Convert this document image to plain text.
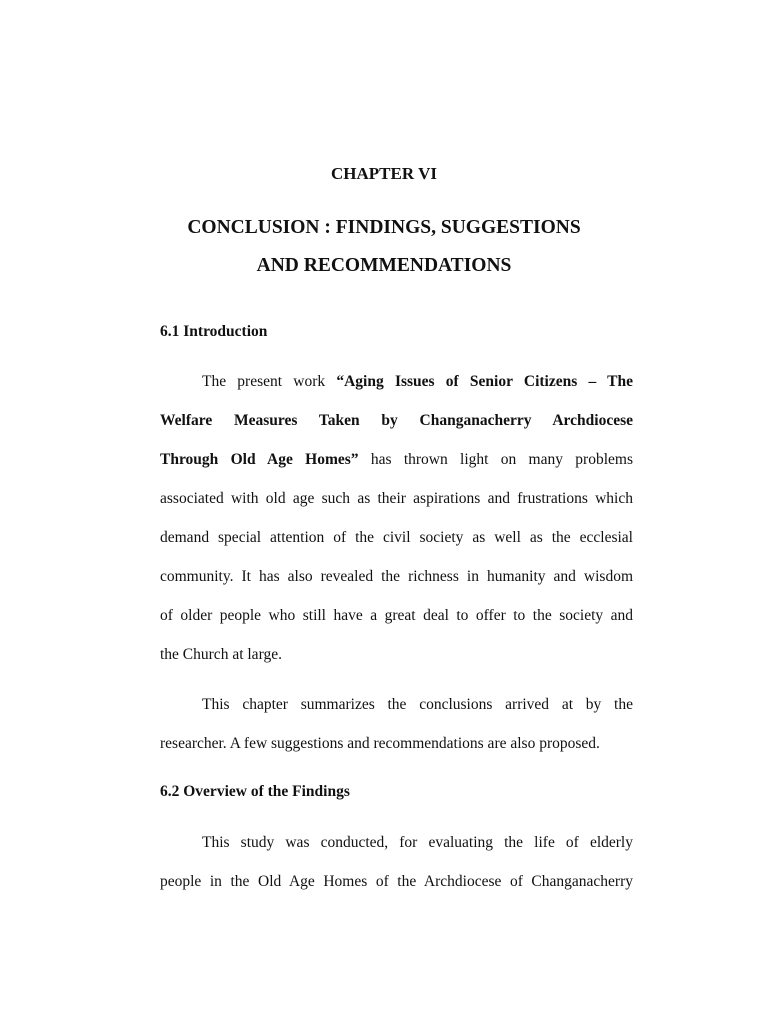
CHAPTER VI
CONCLUSION : FINDINGS, SUGGESTIONS
AND RECOMMENDATIONS
6.1 Introduction
The present work “Aging Issues of Senior Citizens – The
Welfare Measures Taken by Changanacherry Archdiocese
Through Old Age Homes” has thrown light on many problems
associated with old age such as their aspirations and frustrations which
demand special attention of the civil society as well as the ecclesial
community. It has also revealed the richness in humanity and wisdom
of older people who still have a great deal to offer to the society and
the Church at large.
This chapter summarizes the conclusions arrived at by the
researcher. A few suggestions and recommendations are also proposed.
6.2 Overview of the Findings
This study was conducted, for evaluating the life of elderly
people in the Old Age Homes of the Archdiocese of Changanacherry
